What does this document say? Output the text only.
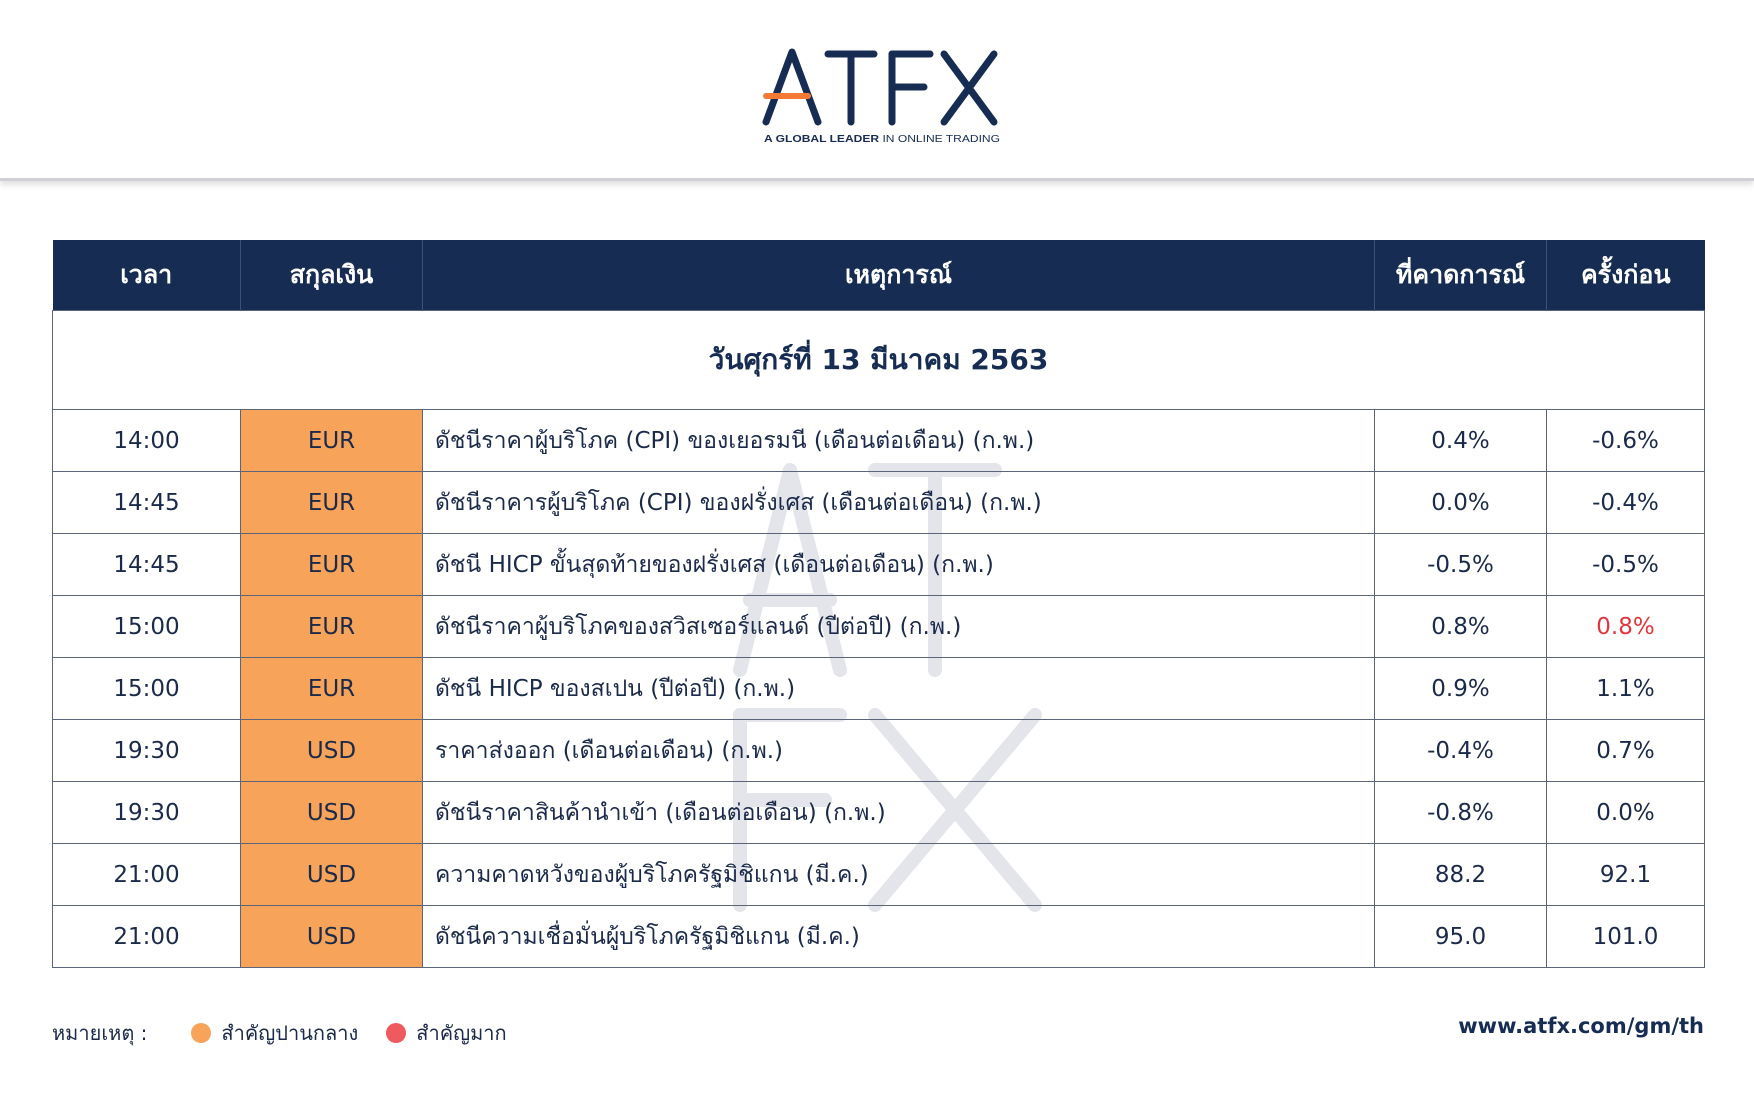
A GLOBAL LEADER IN ONLINE TRADING
เวลา	สกุลเงิน	เหตุการณ์	ที่คาดการณ์	ครั้งก่อน
วันศุกร์ที่ 13 มีนาคม 2563				
14:00	EUR	ดัชนีราคาผู้บริโภค (CPI) ของเยอรมนี (เดือนต่อเดือน) (ก.พ.)	0.4%	-0.6%
14:45	EUR	ดัชนีราคารผู้บริโภค (CPI) ของฝรั่งเศส (เดือนต่อเดือน) (ก.พ.)	0.0%	-0.4%
14:45	EUR	ดัชนี HICP ขั้นสุดท้ายของฝรั่งเศส (เดือนต่อเดือน) (ก.พ.)	-0.5%	-0.5%
15:00	EUR	ดัชนีราคาผู้บริโภคของสวิสเซอร์แลนด์ (ปีต่อปี) (ก.พ.)	0.8%	0.8%
15:00	EUR	ดัชนี HICP ของสเปน (ปีต่อปี) (ก.พ.)	0.9%	1.1%
19:30	USD	ราคาส่งออก (เดือนต่อเดือน) (ก.พ.)	-0.4%	0.7%
19:30	USD	ดัชนีราคาสินค้านำเข้า (เดือนต่อเดือน) (ก.พ.)	-0.8%	0.0%
21:00	USD	ความคาดหวังของผู้บริโภครัฐมิชิแกน (มี.ค.)	88.2	92.1
21:00	USD	ดัชนีความเชื่อมั่นผู้บริโภครัฐมิชิแกน (มี.ค.)	95.0	101.0
หมายเหตุ :	สำคัญปานกลาง	สำคัญมาก	www.atfx.com/gm/th
